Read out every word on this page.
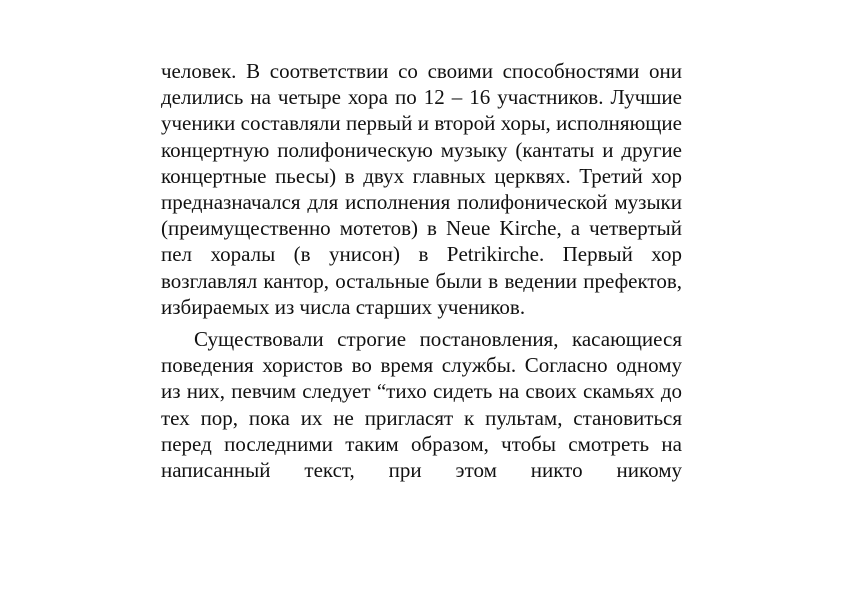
человек. В соответствии со своими способностями они делились на четыре хора по 12 – 16 участников. Лучшие ученики составляли первый и второй хоры, исполняющие концертную полифоническую музыку (кантаты и другие концертные пьесы) в двух главных церквях. Третий хор предназначался для исполнения полифонической музыки (преимущественно мотетов) в Neue Kirche, а четвертый пел хоралы (в унисон) в Petrikirche. Первый хор возглавлял кантор, остальные были в ведении префектов, избираемых из числа старших учеников.

Существовали строгие постановления, касающиеся поведения хористов во время службы. Согласно одному из них, певчим следует “тихо сидеть на своих скамьях до тех пор, пока их не пригласят к пультам, становиться перед последними таким образом, чтобы смотреть на написанный текст, при этом никто никому
